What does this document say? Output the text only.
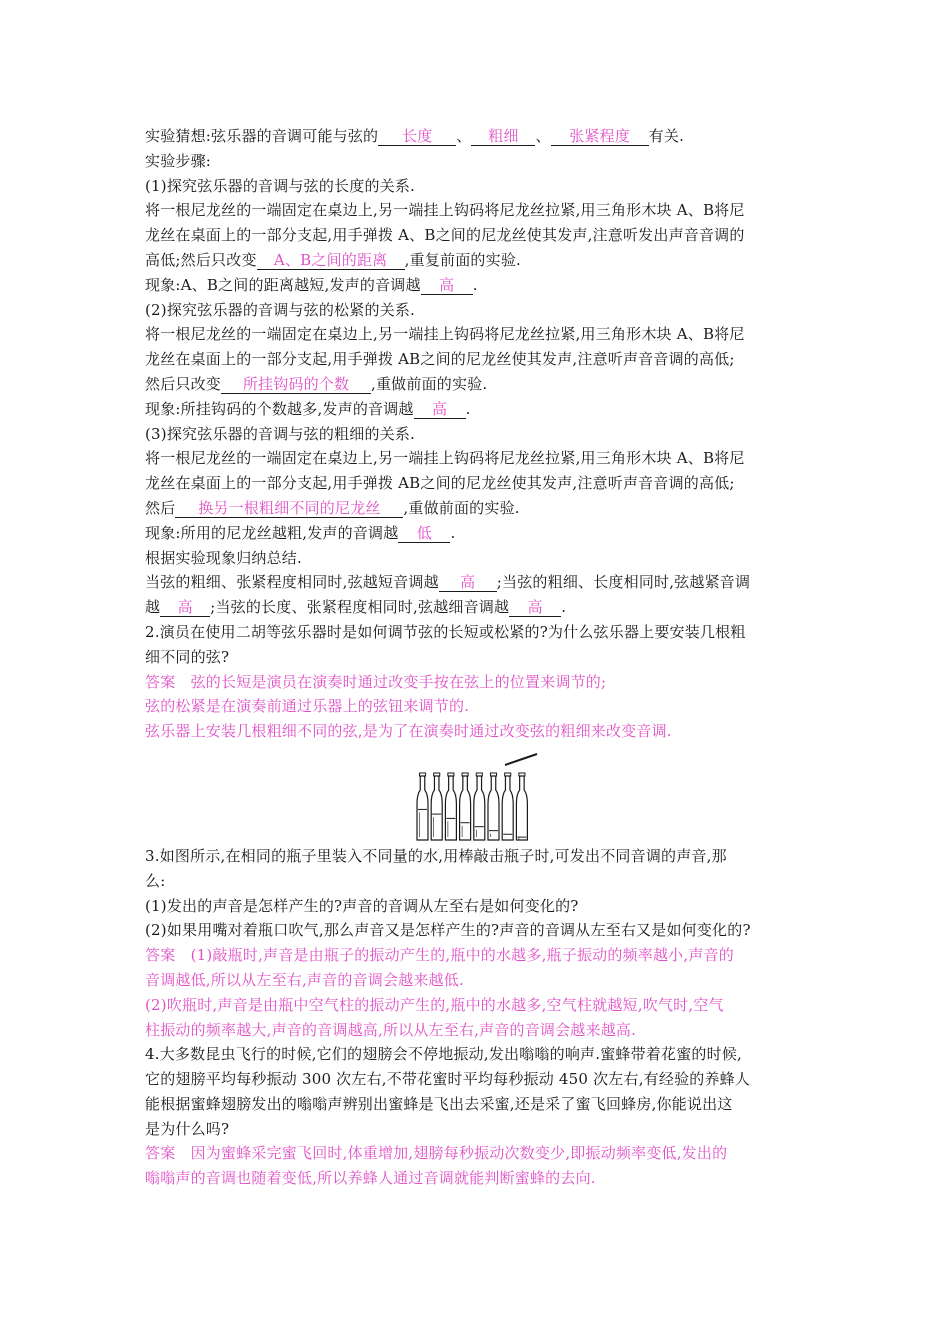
实验猜想:弦乐器的音调可能与弦的 长度 、 粗细 、 张紧程度 有关.
实验步骤:
(1)探究弦乐器的音调与弦的长度的关系.
将一根尼龙丝的一端固定在桌边上,另一端挂上钩码将尼龙丝拉紧,用三角形木块 A、B将尼
龙丝在桌面上的一部分支起,用手弹拨 A、B之间的尼龙丝使其发声,注意听发出声音音调的
高低;然后只改变 A、B之间的距离 ,重复前面的实验.
现象:A、B之间的距离越短,发声的音调越 高 .
(2)探究弦乐器的音调与弦的松紧的关系.
将一根尼龙丝的一端固定在桌边上,另一端挂上钩码将尼龙丝拉紧,用三角形木块 A、B将尼
龙丝在桌面上的一部分支起,用手弹拨 AB之间的尼龙丝使其发声,注意听声音音调的高低;
然后只改变 所挂钩码的个数 ,重做前面的实验.
现象:所挂钩码的个数越多,发声的音调越 高 .
(3)探究弦乐器的音调与弦的粗细的关系.
将一根尼龙丝的一端固定在桌边上,另一端挂上钩码将尼龙丝拉紧,用三角形木块 A、B将尼
龙丝在桌面上的一部分支起,用手弹拨 AB之间的尼龙丝使其发声,注意听声音音调的高低;
然后 换另一根粗细不同的尼龙丝 ,重做前面的实验.
现象:所用的尼龙丝越粗,发声的音调越 低 .
根据实验现象归纳总结.
当弦的粗细、张紧程度相同时,弦越短音调越 高 ;当弦的粗细、长度相同时,弦越紧音调
越 高 ;当弦的长度、张紧程度相同时,弦越细音调越 高 .
2.演员在使用二胡等弦乐器时是如何调节弦的长短或松紧的?为什么弦乐器上要安装几根粗
细不同的弦?
答案　弦的长短是演员在演奏时通过改变手按在弦上的位置来调节的;
弦的松紧是在演奏前通过乐器上的弦钮来调节的.
弦乐器上安装几根粗细不同的弦,是为了在演奏时通过改变弦的粗细来改变音调.
3.如图所示,在相同的瓶子里装入不同量的水,用棒敲击瓶子时,可发出不同音调的声音,那
么:
(1)发出的声音是怎样产生的?声音的音调从左至右是如何变化的?
(2)如果用嘴对着瓶口吹气,那么声音又是怎样产生的?声音的音调从左至右又是如何变化的?
答案　(1)敲瓶时,声音是由瓶子的振动产生的,瓶中的水越多,瓶子振动的频率越小,声音的
音调越低,所以从左至右,声音的音调会越来越低.
(2)吹瓶时,声音是由瓶中空气柱的振动产生的,瓶中的水越多,空气柱就越短,吹气时,空气
柱振动的频率越大,声音的音调越高,所以从左至右,声音的音调会越来越高.
4.大多数昆虫飞行的时候,它们的翅膀会不停地振动,发出嗡嗡的响声.蜜蜂带着花蜜的时候,
它的翅膀平均每秒振动 300 次左右,不带花蜜时平均每秒振动 450 次左右,有经验的养蜂人
能根据蜜蜂翅膀发出的嗡嗡声辨别出蜜蜂是飞出去采蜜,还是采了蜜飞回蜂房,你能说出这
是为什么吗?
答案　因为蜜蜂采完蜜飞回时,体重增加,翅膀每秒振动次数变少,即振动频率变低,发出的
嗡嗡声的音调也随着变低,所以养蜂人通过音调就能判断蜜蜂的去向.
